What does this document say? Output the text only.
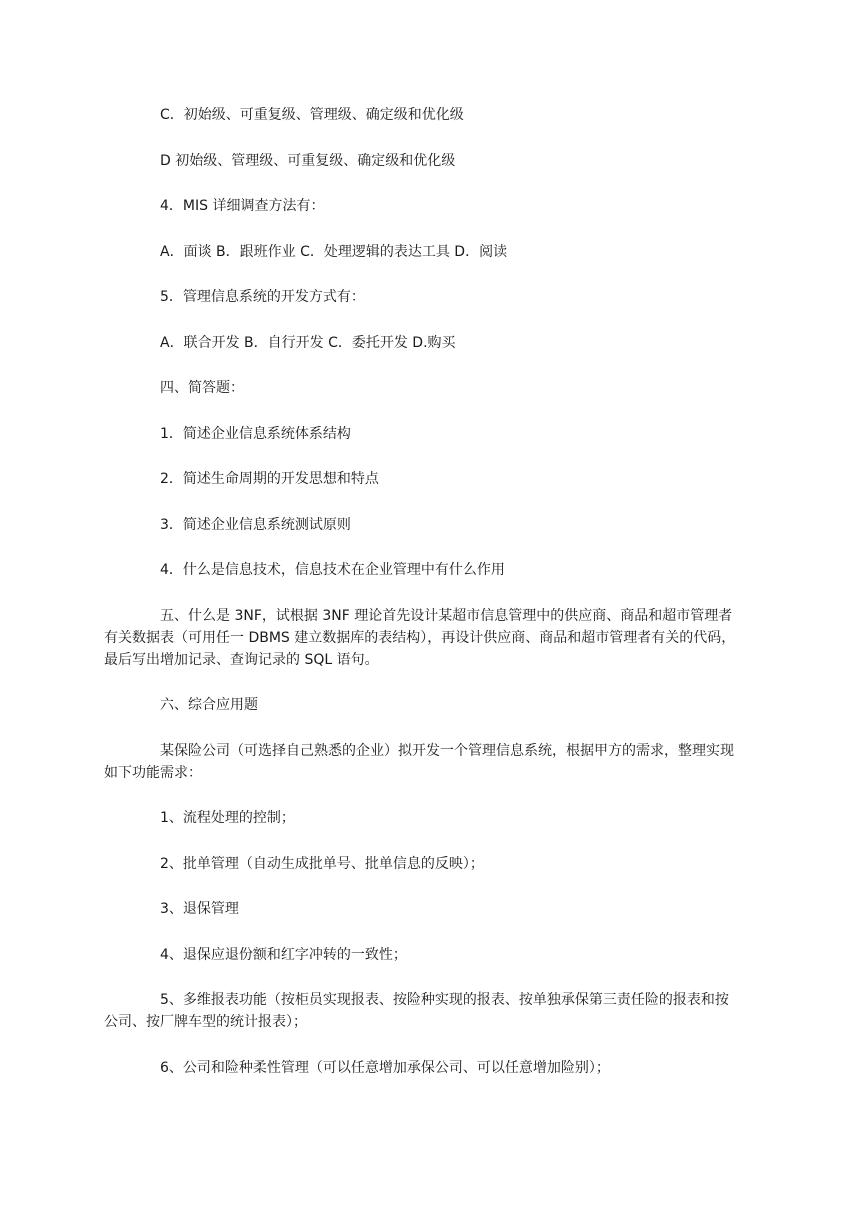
C．初始级、可重复级、管理级、确定级和优化级

D 初始级、管理级、可重复级、确定级和优化级

4．MIS 详细调查方法有：

A．面谈 B．跟班作业 C．处理逻辑的表达工具 D．阅读

5．管理信息系统的开发方式有：

A．联合开发 B．自行开发 C．委托开发 D.购买

四、简答题：

1．简述企业信息系统体系结构

2．简述生命周期的开发思想和特点

3．简述企业信息系统测试原则

4．什么是信息技术，信息技术在企业管理中有什么作用

五、什么是 3NF，试根据 3NF 理论首先设计某超市信息管理中的供应商、商品和超市管理者有关数据表（可用任一 DBMS 建立数据库的表结构），再设计供应商、商品和超市管理者有关的代码，最后写出增加记录、查询记录的 SQL 语句。

六、综合应用题

某保险公司（可选择自己熟悉的企业）拟开发一个管理信息系统，根据甲方的需求，整理实现如下功能需求：

1、流程处理的控制；

2、批单管理（自动生成批单号、批单信息的反映）；

3、退保管理

4、退保应退份额和红字冲转的一致性；

5、多维报表功能（按柜员实现报表、按险种实现的报表、按单独承保第三责任险的报表和按公司、按厂牌车型的统计报表）；

6、公司和险种柔性管理（可以任意增加承保公司、可以任意增加险别）；
